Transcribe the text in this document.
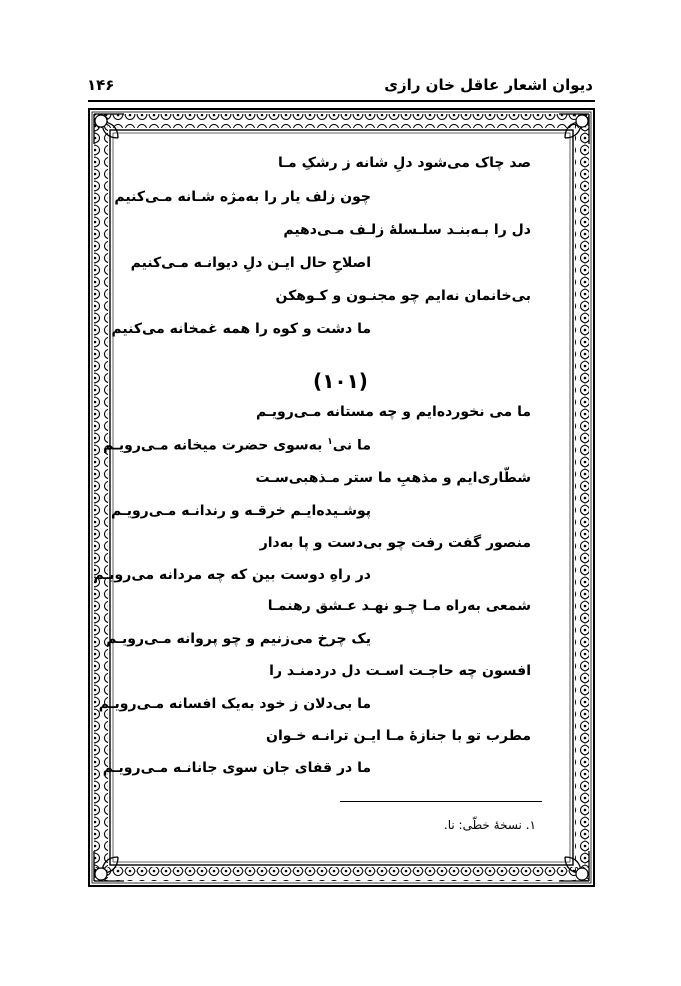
دیوان اشعار عاقل خان رازی
۱۴۶
صد چاک می‌شود دلِ شانه ز رشکِ مـا
چون زلف یار را به‌مژه شـانه مـی‌کنیم
دل را بـه‌بنـد سلـسلۀ زلـف مـی‌دهیم
اصلاحِ حال ایـن دلِ دیوانـه مـی‌کنیم
بی‌خانمان نه‌ایم چو مجنـون و کـوهکن
ما دشت و کوه را همه غمخانه می‌کنیم
(۱۰۱)
ما می نخورده‌ایم و چه مستانه مـی‌رویـم
ما نی$^۱$ به‌سوی حضرت میخانه مـی‌رویـم
شطّاری‌ایم و مذهبِ ما ستر مـذهبی‌سـت
پوشـیده‌ایـم خرقـه و رندانـه مـی‌رویـم
منصور گفت رفت چو بی‌دست و پا به‌دار
در راهِ دوست بین که چه مردانه می‌رویـم
شمعی به‌راه مـا چـو نهـد عـشق رهنمـا
یک چرخ می‌زنیم و چو پروانه مـی‌رویـم
افسون چه حاجـت اسـت دل دردمنـد را
ما بی‌دلان ز خود به‌یک افسانه مـی‌رویـم
مطرب تو با جنازۀ مـا ایـن ترانـه خـوان
ما در قفای جان سوی جانانـه مـی‌رویـم
۱. نسخۀ خطّی: نا.
